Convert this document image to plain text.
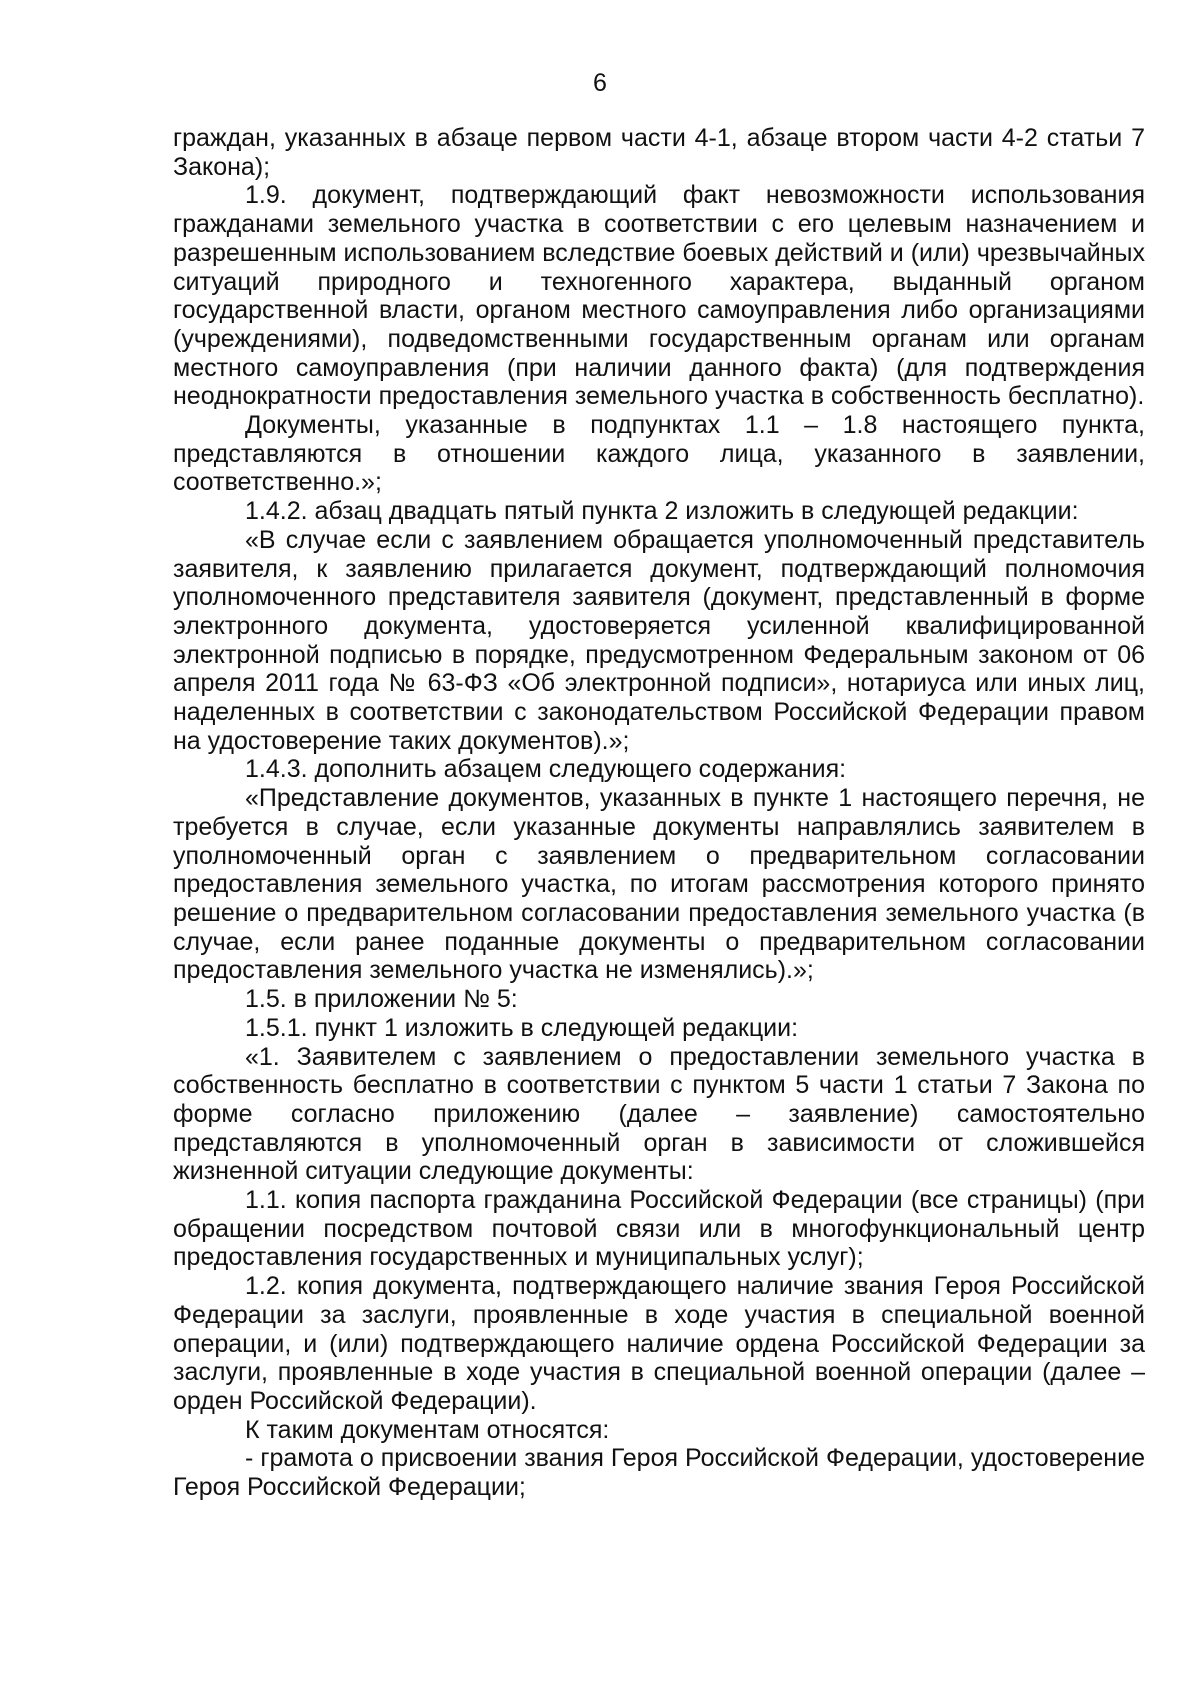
6

граждан, указанных в абзаце первом части 4-1, абзаце втором части 4-2 статьи 7 Закона);

1.9. документ, подтверждающий факт невозможности использования гражданами земельного участка в соответствии с его целевым назначением и разрешенным использованием вследствие боевых действий и (или) чрезвычайных ситуаций природного и техногенного характера, выданный органом государственной власти, органом местного самоуправления либо организациями (учреждениями), подведомственными государственным органам или органам местного самоуправления (при наличии данного факта) (для подтверждения неоднократности предоставления земельного участка в собственность бесплатно).

Документы, указанные в подпунктах 1.1 – 1.8 настоящего пункта, представляются в отношении каждого лица, указанного в заявлении, соответственно.»;

1.4.2. абзац двадцать пятый пункта 2 изложить в следующей редакции:

«В случае если с заявлением обращается уполномоченный представитель заявителя, к заявлению прилагается документ, подтверждающий полномочия уполномоченного представителя заявителя (документ, представленный в форме электронного документа, удостоверяется усиленной квалифицированной электронной подписью в порядке, предусмотренном Федеральным законом от 06 апреля 2011 года № 63-ФЗ «Об электронной подписи», нотариуса или иных лиц, наделенных в соответствии с законодательством Российской Федерации правом на удостоверение таких документов).»;

1.4.3. дополнить абзацем следующего содержания:

«Представление документов, указанных в пункте 1 настоящего перечня, не требуется в случае, если указанные документы направлялись заявителем в уполномоченный орган с заявлением о предварительном согласовании предоставления земельного участка, по итогам рассмотрения которого принято решение о предварительном согласовании предоставления земельного участка (в случае, если ранее поданные документы о предварительном согласовании предоставления земельного участка не изменялись).»;

1.5. в приложении № 5:

1.5.1. пункт 1 изложить в следующей редакции:

«1. Заявителем с заявлением о предоставлении земельного участка в собственность бесплатно в соответствии с пунктом 5 части 1 статьи 7 Закона по форме согласно приложению (далее – заявление) самостоятельно представляются в уполномоченный орган в зависимости от сложившейся жизненной ситуации следующие документы:

1.1. копия паспорта гражданина Российской Федерации (все страницы) (при обращении посредством почтовой связи или в многофункциональный центр предоставления государственных и муниципальных услуг);

1.2. копия документа, подтверждающего наличие звания Героя Российской Федерации за заслуги, проявленные в ходе участия в специальной военной операции, и (или) подтверждающего наличие ордена Российской Федерации за заслуги, проявленные в ходе участия в специальной военной операции (далее – орден Российской Федерации).

К таким документам относятся:

- грамота о присвоении звания Героя Российской Федерации, удостоверение Героя Российской Федерации;
